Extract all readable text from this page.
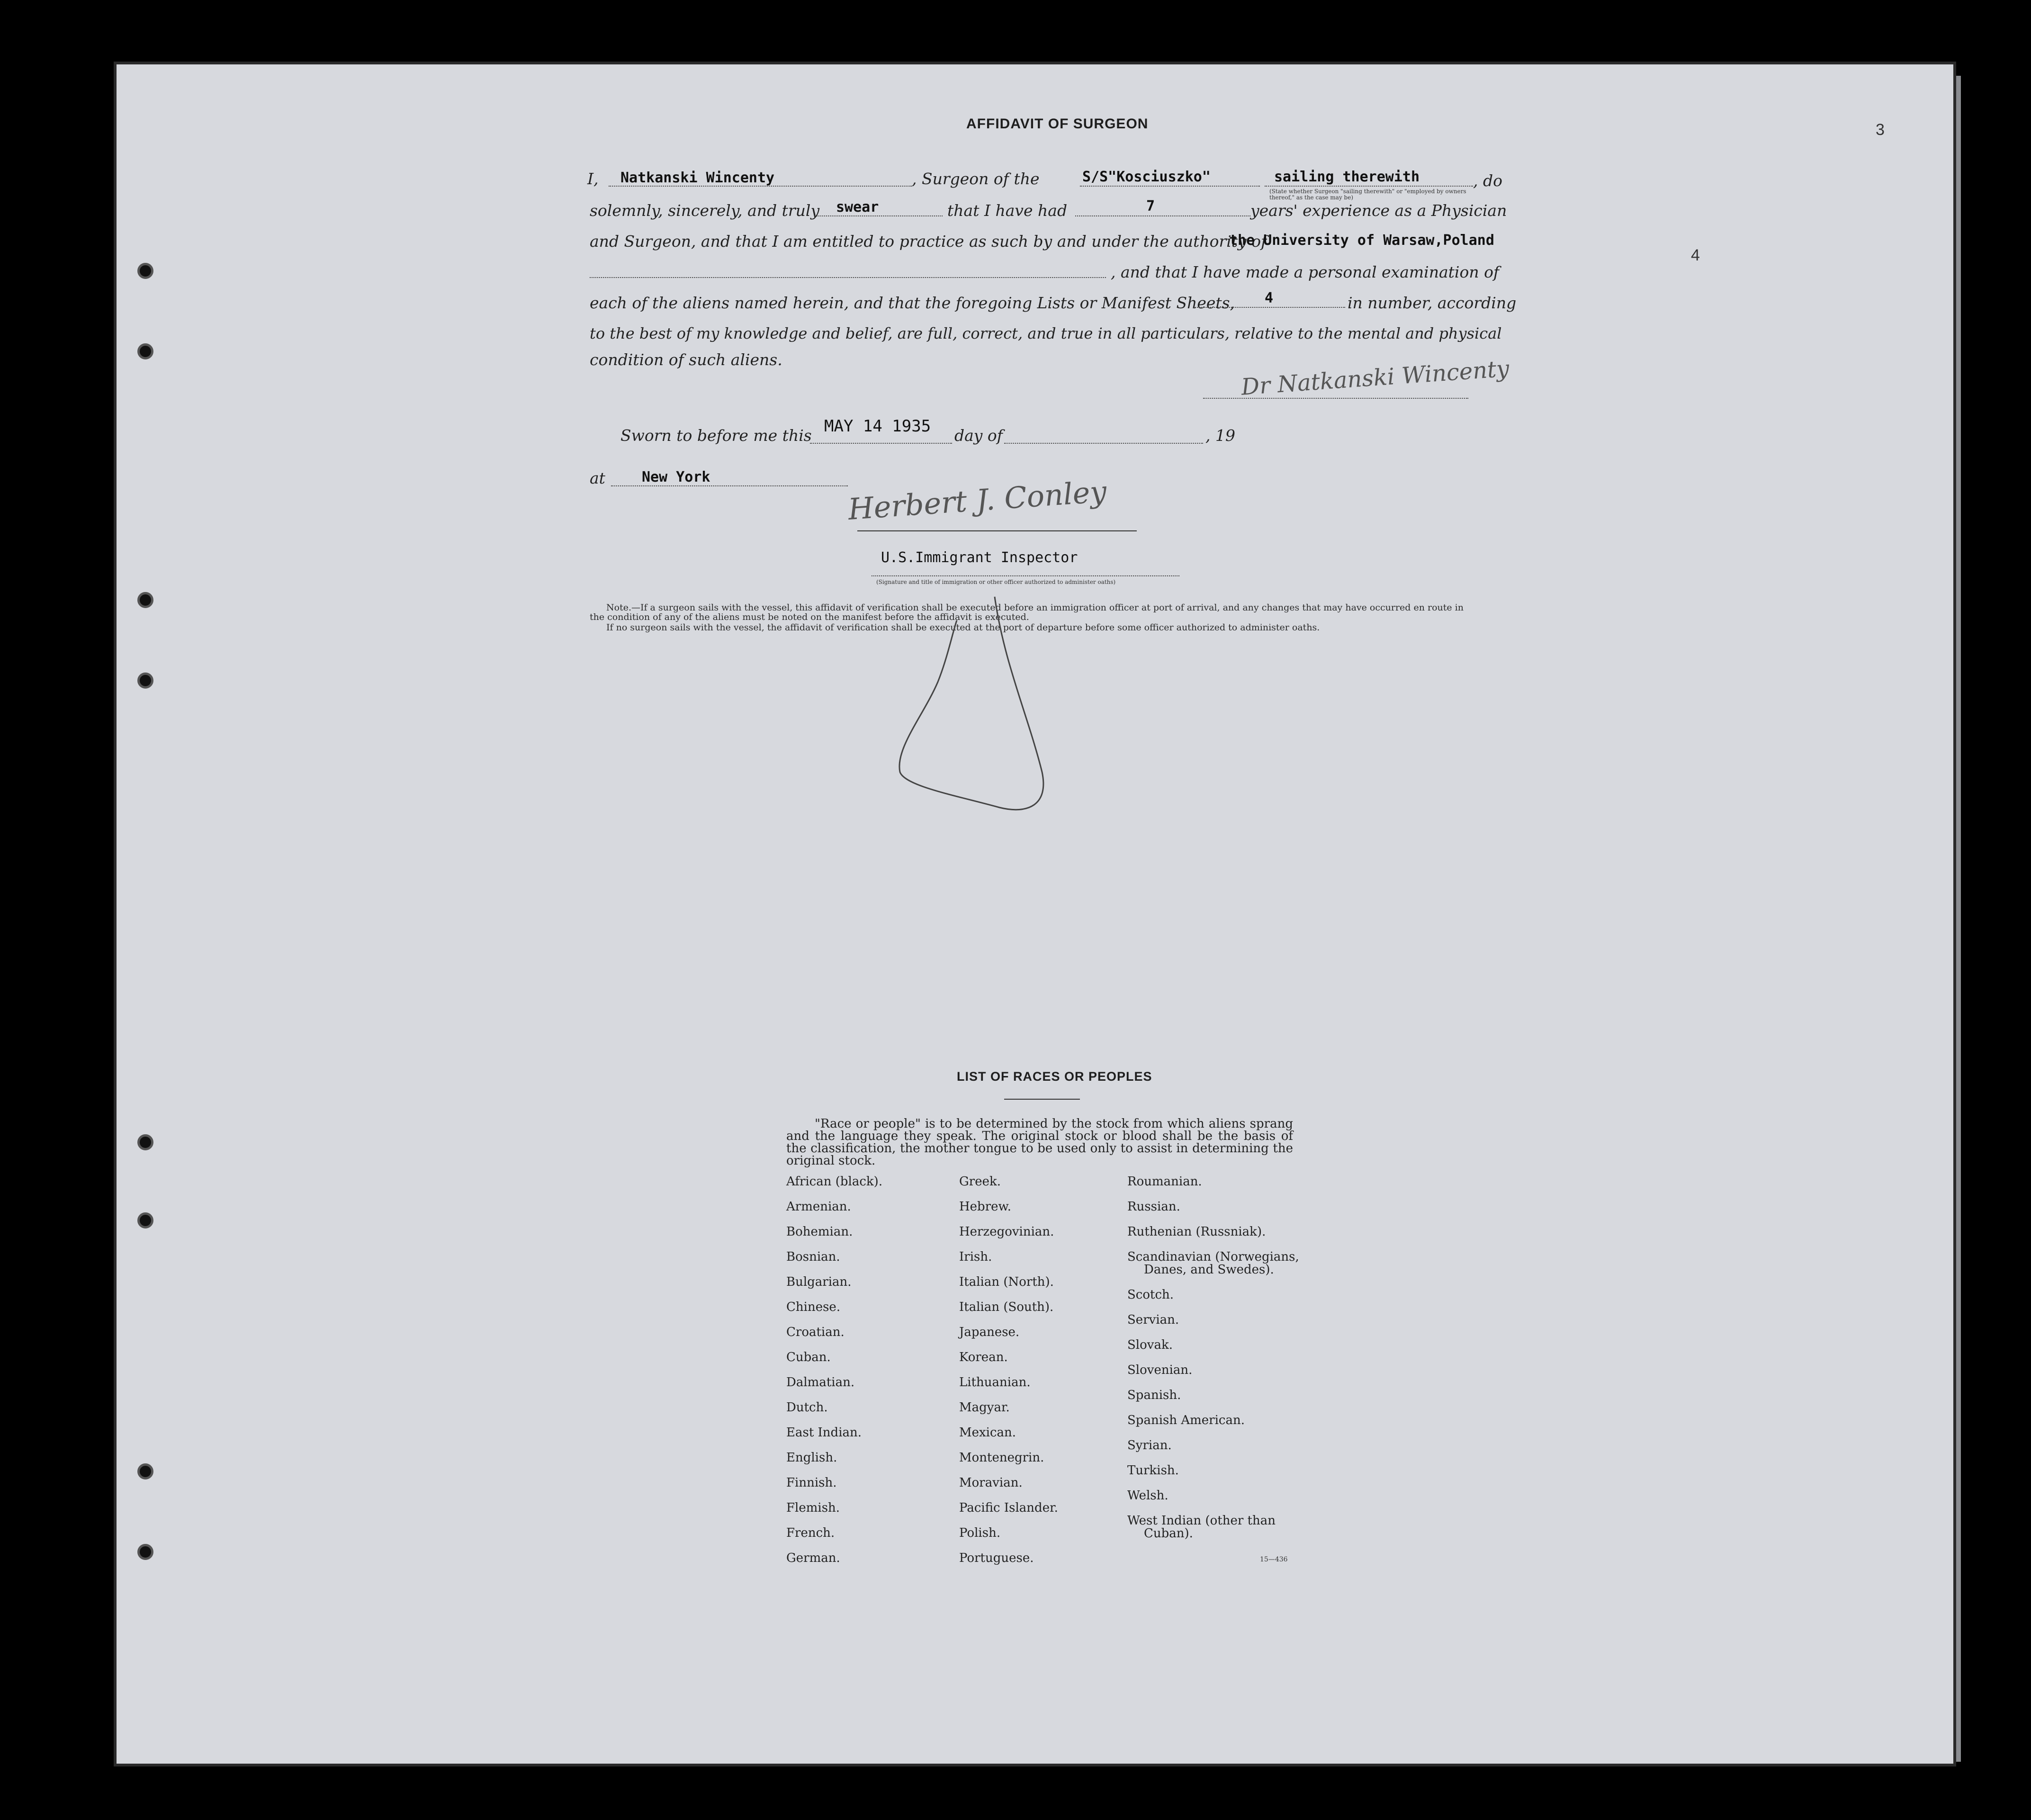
3
4
AFFIDAVIT OF SURGEON
I, Natkanski Wincenty	, Surgeon of the	S/S"Kosciuszko"	sailing therewith	, do
(State whether Surgeon "sailing therewith" or "employed by owners thereof," as the case may be)
solemnly, sincerely, and truly swear	that I have had	7	years' experience as a Physician
and Surgeon, and that I am entitled to practice as such by and under the authority of
the University of Warsaw,Poland
, and that I have made a personal examination of
each of the aliens named herein, and that the foregoing Lists or Manifest Sheets, 4	in number, according
to the best of my knowledge and belief, are full, correct, and true in all particulars, relative to the mental and physical
condition of such aliens.	Dr Natkanski Wincenty
Sworn to before me this MAY 14 1935 day of	, 19
at	New York	Herbert J. Conley
U.S.Immigrant Inspector
(Signature and title of immigration or other officer authorized to administer oaths)
Note.—If a surgeon sails with the vessel, this affidavit of verification shall be executed before an immigration officer at port of arrival, and any changes that may have occurred en route in
the condition of any of the aliens must be noted on the manifest before the affidavit is executed.
If no surgeon sails with the vessel, the affidavit of verification shall be executed at the port of departure before some officer authorized to administer oaths.
LIST OF RACES OR PEOPLES
"Race or people" is to be determined by the stock from which aliens sprang and the language they speak. The original stock or blood shall be the basis of the classification, the mother tongue to be used only to assist in determining the original stock.
African (black).
Armenian.
Bohemian.
Bosnian.
Bulgarian.
Chinese.
Croatian.
Cuban.
Dalmatian.
Dutch.
East Indian.
English.
Finnish.
Flemish.
French.
German.
Greek.
Hebrew.
Herzegovinian.
Irish.
Italian (North).
Italian (South).
Japanese.
Korean.
Lithuanian.
Magyar.
Mexican.
Montenegrin.
Moravian.
Pacific Islander.
Polish.
Portuguese.
Roumanian.
Russian.
Ruthenian (Russniak).
Scandinavian (Norwegians,
Danes, and Swedes).
Scotch.
Servian.
Slovak.
Slovenian.
Spanish.
Spanish American.
Syrian.
Turkish.
Welsh.
West Indian (other than
Cuban).
15—436
